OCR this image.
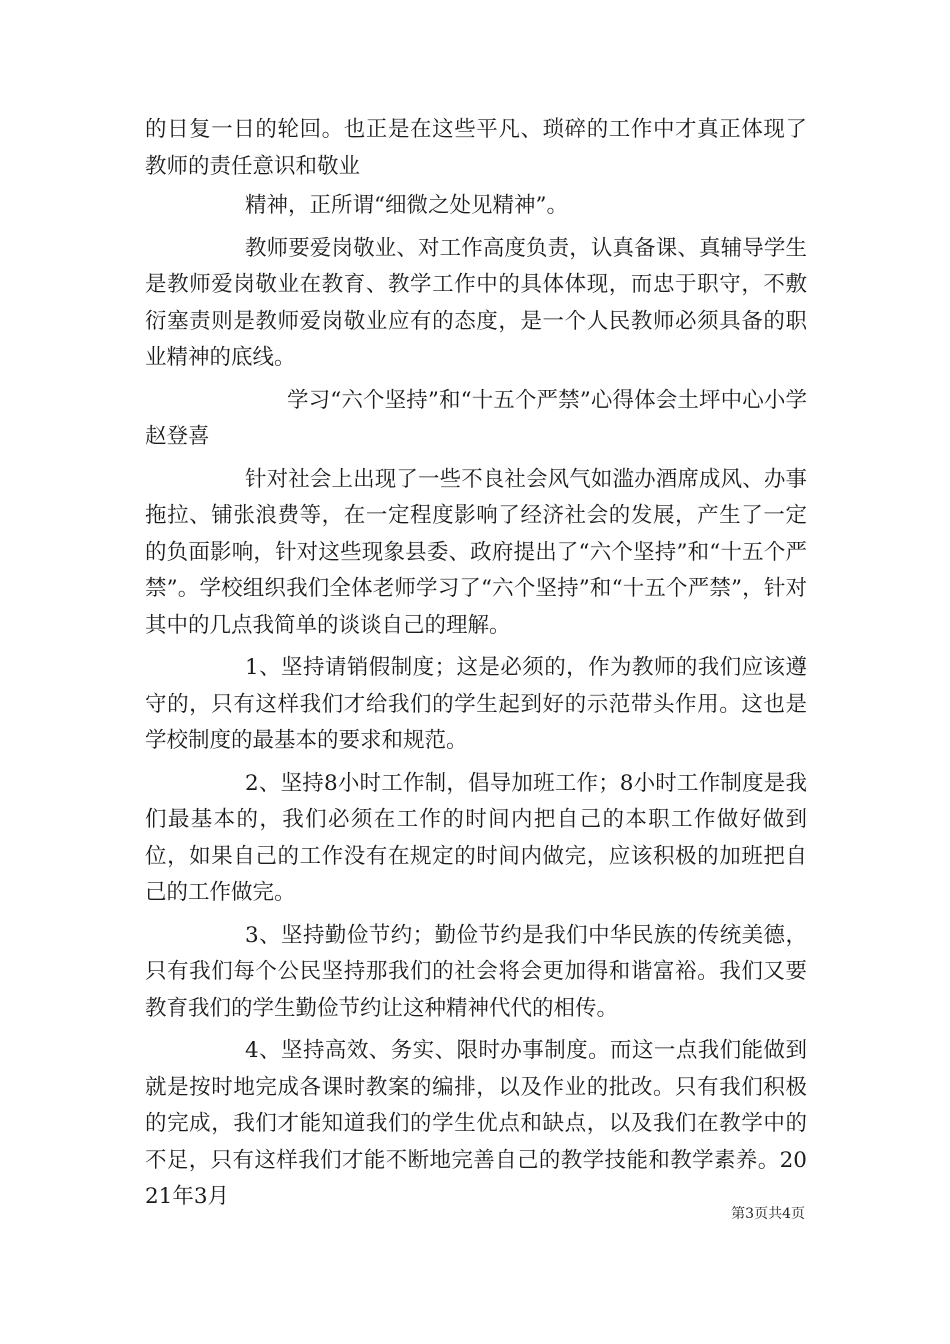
的日复一日的轮回。也正是在这些平凡、琐碎的工作中才真正体现了教师的责任意识和敬业

精神，正所谓“细微之处见精神”。

教师要爱岗敬业、对工作高度负责，认真备课、真辅导学生是教师爱岗敬业在教育、教学工作中的具体体现，而忠于职守，不敷衍塞责则是教师爱岗敬业应有的态度，是一个人民教师必须具备的职业精神的底线。

学习“六个坚持”和“十五个严禁”心得体会土坪中心小学赵登喜

针对社会上出现了一些不良社会风气如滥办酒席成风、办事拖拉、铺张浪费等，在一定程度影响了经济社会的发展，产生了一定的负面影响，针对这些现象县委、政府提出了“六个坚持”和“十五个严禁”。学校组织我们全体老师学习了“六个坚持”和“十五个严禁”，针对其中的几点我简单的谈谈自己的理解。

1、坚持请销假制度；这是必须的，作为教师的我们应该遵守的，只有这样我们才给我们的学生起到好的示范带头作用。这也是学校制度的最基本的要求和规范。

2、坚持8小时工作制，倡导加班工作；8小时工作制度是我们最基本的，我们必须在工作的时间内把自己的本职工作做好做到位，如果自己的工作没有在规定的时间内做完，应该积极的加班把自己的工作做完。

3、坚持勤俭节约；勤俭节约是我们中华民族的传统美德，只有我们每个公民坚持那我们的社会将会更加得和谐富裕。我们又要教育我们的学生勤俭节约让这种精神代代的相传。

4、坚持高效、务实、限时办事制度。而这一点我们能做到就是按时地完成各课时教案的编排，以及作业的批改。只有我们积极的完成，我们才能知道我们的学生优点和缺点，以及我们在教学中的不足，只有这样我们才能不断地完善自己的教学技能和教学素养。2021年3月

第3页共4页
